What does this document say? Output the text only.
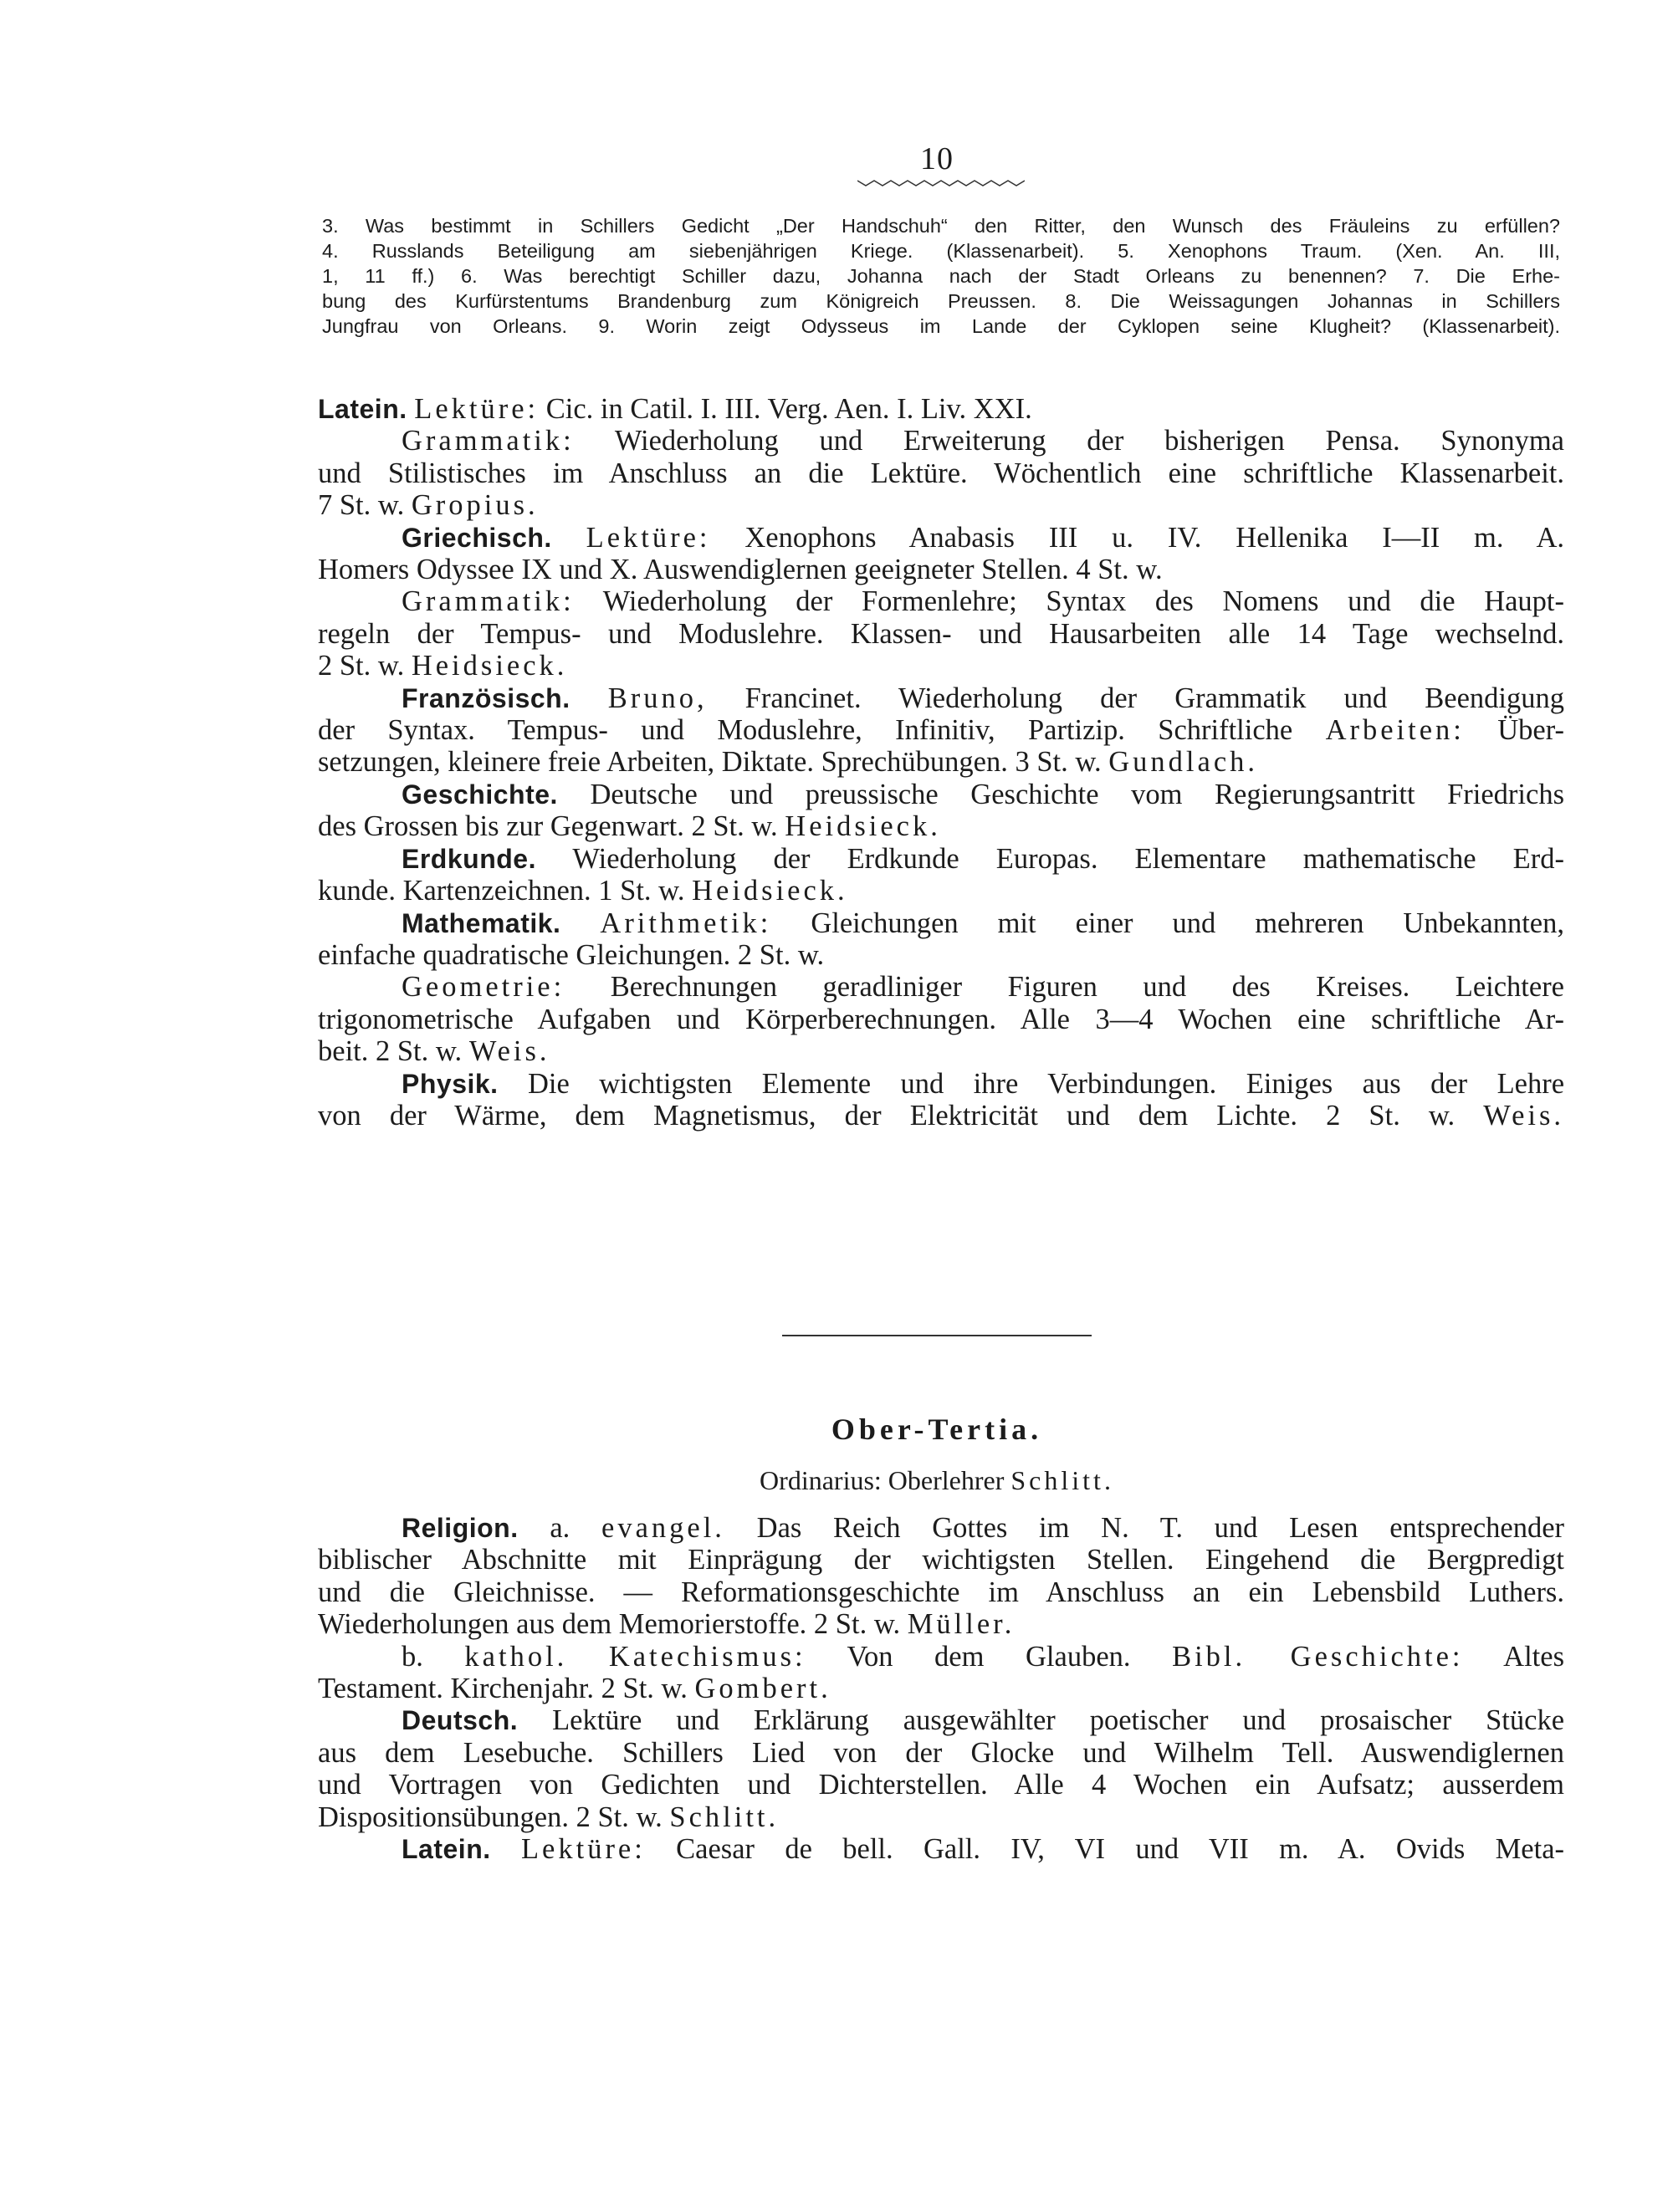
10
3. Was bestimmt in Schillers Gedicht „Der Handschuh“ den Ritter, den Wunsch des Fräuleins zu erfüllen?
4. Russlands Beteiligung am siebenjährigen Kriege. (Klassenarbeit). 5. Xenophons Traum. (Xen. An. III,
1, 11 ff.) 6. Was berechtigt Schiller dazu, Johanna nach der Stadt Orleans zu benennen? 7. Die Erhe-
bung des Kurfürstentums Brandenburg zum Königreich Preussen. 8. Die Weissagungen Johannas in Schillers
Jungfrau von Orleans. 9. Worin zeigt Odysseus im Lande der Cyklopen seine Klugheit? (Klassenarbeit).

Latein. Lektüre: Cic. in Catil. I. III. Verg. Aen. I. Liv. XXI.
Grammatik: Wiederholung und Erweiterung der bisherigen Pensa. Synonyma
und Stilistisches im Anschluss an die Lektüre. Wöchentlich eine schriftliche Klassenarbeit.
7 St. w. Gropius.

Griechisch. Lektüre: Xenophons Anabasis III u. IV. Hellenika I—II m. A.
Homers Odyssee IX und X. Auswendiglernen geeigneter Stellen. 4 St. w.
Grammatik: Wiederholung der Formenlehre; Syntax des Nomens und die Haupt-
regeln der Tempus- und Moduslehre. Klassen- und Hausarbeiten alle 14 Tage wechselnd.
2 St. w. Heidsieck.

Französisch. Bruno, Francinet. Wiederholung der Grammatik und Beendigung
der Syntax. Tempus- und Moduslehre, Infinitiv, Partizip. Schriftliche Arbeiten: Über-
setzungen, kleinere freie Arbeiten, Diktate. Sprechübungen. 3 St. w. Gundlach.

Geschichte. Deutsche und preussische Geschichte vom Regierungsantritt Friedrichs
des Grossen bis zur Gegenwart. 2 St. w. Heidsieck.

Erdkunde. Wiederholung der Erdkunde Europas. Elementare mathematische Erd-
kunde. Kartenzeichnen. 1 St. w. Heidsieck.

Mathematik. Arithmetik: Gleichungen mit einer und mehreren Unbekannten,
einfache quadratische Gleichungen. 2 St. w.
Geometrie: Berechnungen geradliniger Figuren und des Kreises. Leichtere
trigonometrische Aufgaben und Körperberechnungen. Alle 3—4 Wochen eine schriftliche Ar-
beit. 2 St. w. Weis.

Physik. Die wichtigsten Elemente und ihre Verbindungen. Einiges aus der Lehre
von der Wärme, dem Magnetismus, der Elektricität und dem Lichte. 2 St. w. Weis.

Ober-Tertia.
Ordinarius: Oberlehrer Schlitt.

Religion. a. evangel. Das Reich Gottes im N. T. und Lesen entsprechender
biblischer Abschnitte mit Einprägung der wichtigsten Stellen. Eingehend die Bergpredigt
und die Gleichnisse. — Reformationsgeschichte im Anschluss an ein Lebensbild Luthers.
Wiederholungen aus dem Memorierstoffe. 2 St. w. Müller.
b. kathol. Katechismus: Von dem Glauben. Bibl. Geschichte: Altes
Testament. Kirchenjahr. 2 St. w. Gombert.

Deutsch. Lektüre und Erklärung ausgewählter poetischer und prosaischer Stücke
aus dem Lesebuche. Schillers Lied von der Glocke und Wilhelm Tell. Auswendiglernen
und Vortragen von Gedichten und Dichterstellen. Alle 4 Wochen ein Aufsatz; ausserdem
Dispositionsübungen. 2 St. w. Schlitt.

Latein. Lektüre: Caesar de bell. Gall. IV, VI und VII m. A. Ovids Meta-
